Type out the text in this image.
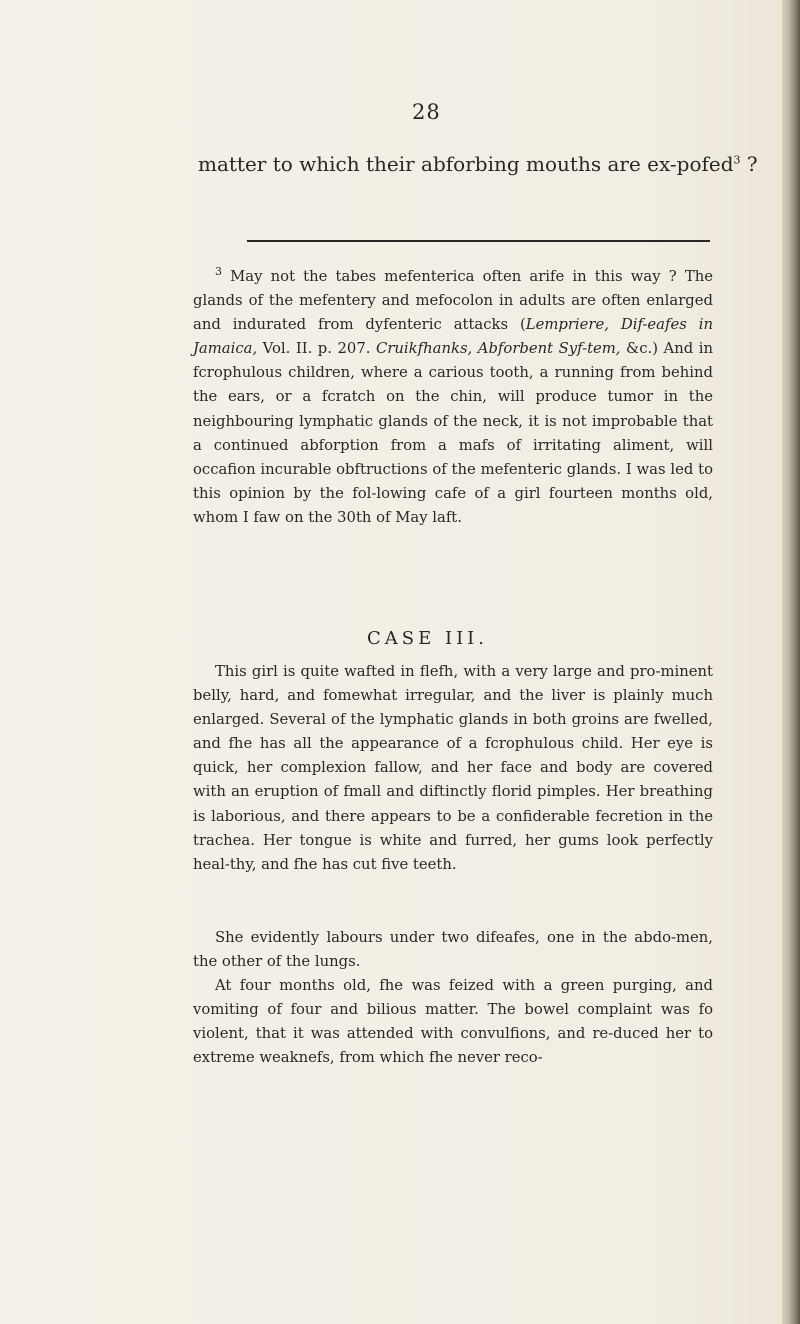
28

matter to which their abforbing mouths are ex-pofed$^3$ ?

$^3$ May not the tabes mefenterica often arife in this way ? The glands of the mefentery and mefocolon in adults are often enlarged and indurated from dyfenteric attacks (Lempriere, Dif-eafes in Jamaica, Vol. II. p. 207. Cruikfhanks, Abforbent Syf-tem, &c.) And in fcrophulous children, where a carious tooth, a running from behind the ears, or a fcratch on the chin, will produce tumor in the neighbouring lymphatic glands of the neck, it is not improbable that a continued abforption from a mafs of irritating aliment, will occafion incurable obftructions of the mefenteric glands. I was led to this opinion by the fol-lowing cafe of a girl fourteen months old, whom I faw on the 30th of May laft.

CASE III.

This girl is quite wafted in flefh, with a very large and pro-minent belly, hard, and fomewhat irregular, and the liver is plainly much enlarged. Several of the lymphatic glands in both groins are fwelled, and fhe has all the appearance of a fcrophulous child. Her eye is quick, her complexion fallow, and her face and body are covered with an eruption of fmall and diftinctly florid pimples. Her breathing is laborious, and there appears to be a confiderable fecretion in the trachea. Her tongue is white and furred, her gums look perfectly heal-thy, and fhe has cut five teeth.

She evidently labours under two difeafes, one in the abdo-men, the other of the lungs.

At four months old, fhe was feized with a green purging, and vomiting of four and bilious matter. The bowel complaint was fo violent, that it was attended with convulfions, and re-duced her to extreme weaknefs, from which fhe never reco-
